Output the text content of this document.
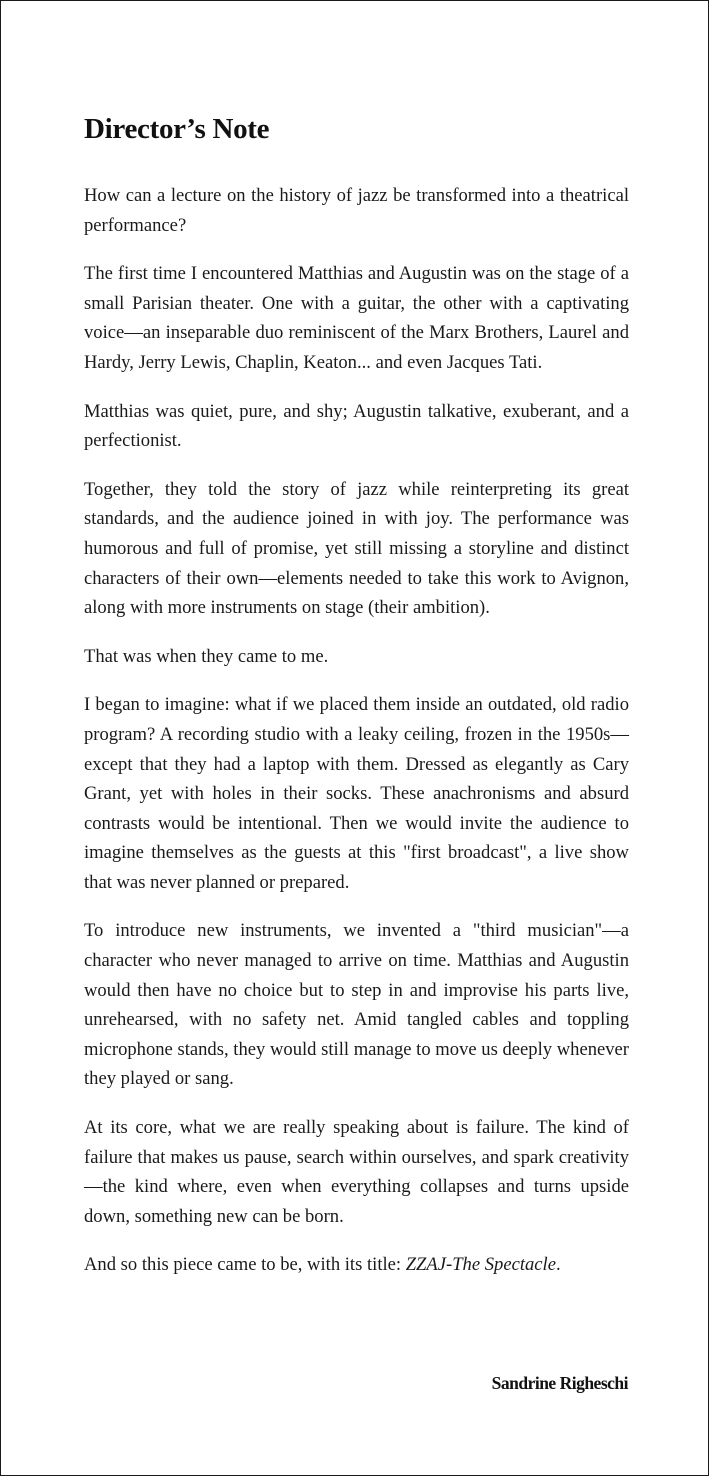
Director’s Note

How can a lecture on the history of jazz be transformed into a theatrical performance?

The first time I encountered Matthias and Augustin was on the stage of a small Parisian theater. One with a guitar, the other with a captivating voice—an inseparable duo reminiscent of the Marx Brothers, Laurel and Hardy, Jerry Lewis, Chaplin, Keaton... and even Jacques Tati.

Matthias was quiet, pure, and shy; Augustin talkative, exuberant, and a perfectionist.

Together, they told the story of jazz while reinterpreting its great standards, and the audience joined in with joy. The performance was humorous and full of promise, yet still missing a storyline and distinct characters of their own—elements needed to take this work to Avignon, along with more instruments on stage (their ambition).

That was when they came to me.

I began to imagine: what if we placed them inside an outdated, old radio program? A recording studio with a leaky ceiling, frozen in the 1950s—except that they had a laptop with them. Dressed as elegantly as Cary Grant, yet with holes in their socks. These anachronisms and absurd contrasts would be intentional. Then we would invite the audience to imagine themselves as the guests at this "first broadcast", a live show that was never planned or prepared.

To introduce new instruments, we invented a "third musician"—a character who never managed to arrive on time. Matthias and Augustin would then have no choice but to step in and improvise his parts live, unrehearsed, with no safety net. Amid tangled cables and toppling microphone stands, they would still manage to move us deeply whenever they played or sang.

At its core, what we are really speaking about is failure. The kind of failure that makes us pause, search within ourselves, and spark creativity—the kind where, even when everything collapses and turns upside down, something new can be born.

And so this piece came to be, with its title: ZZAJ-The Spectacle.

Sandrine Righeschi
